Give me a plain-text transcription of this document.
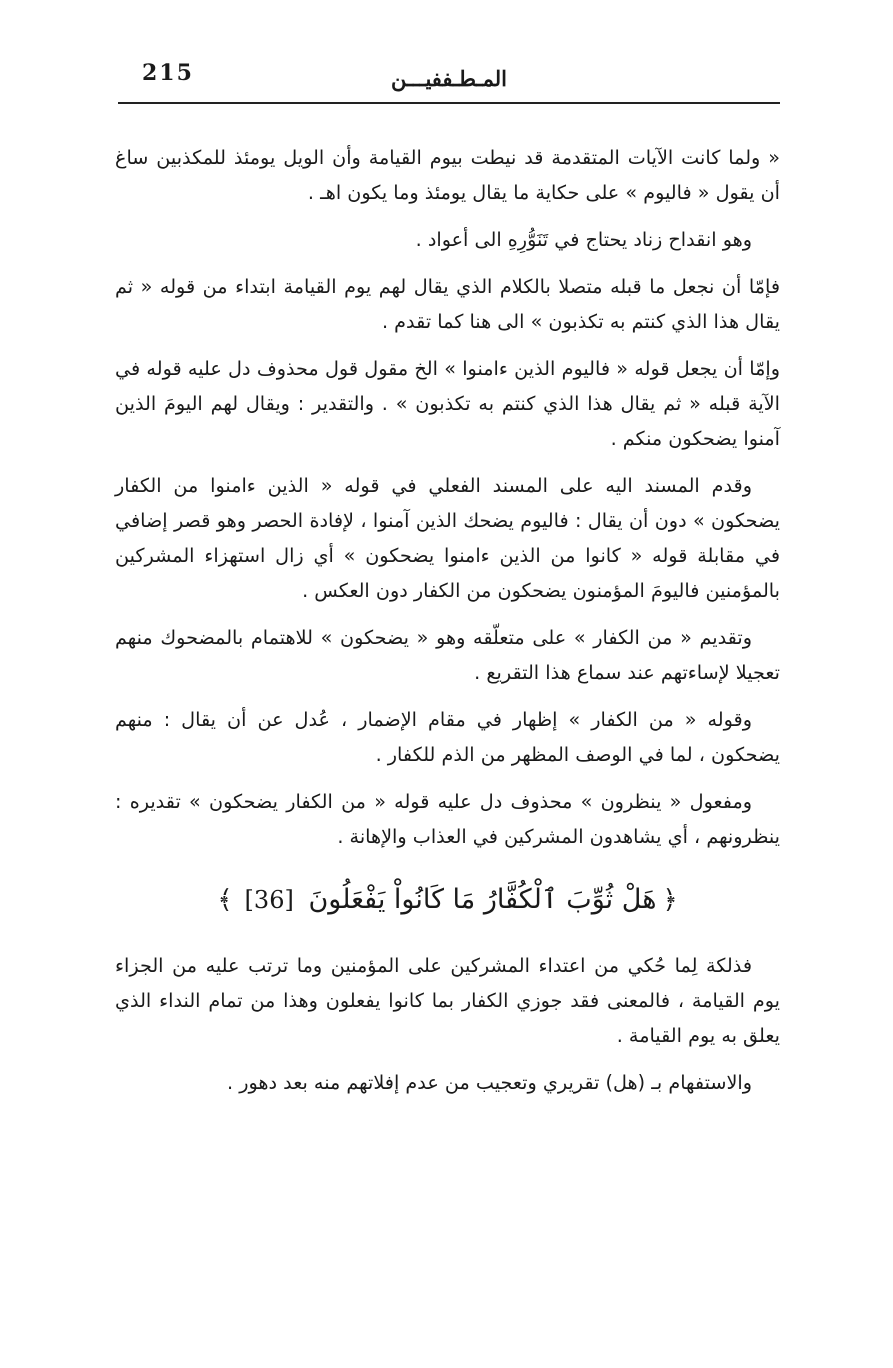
215	المـطـففيـــن

« ولما كانت الآيات المتقدمة قد نيطت بيوم القيامة وأن الويل يومئذ للمكذبين ساغ أن يقول « فاليوم » على حكاية ما يقال يومئذ وما يكون اهـ .

وهو انقداح زناد يحتاج في تَنَوُّرِهِ الى أعواد .

فإمّا أن نجعل ما قبله متصلا بالكلام الذي يقال لهم يوم القيامة ابتداء من قوله « ثم يقال هذا الذي كنتم به تكذبون » الى هنا كما تقدم .

وإمّا أن يجعل قوله « فاليوم الذين ءامنوا » الخ مقول قول محذوف دل عليه قوله في الآية قبله « ثم يقال هذا الذي كنتم به تكذبون » . والتقدير : ويقال لهم اليومَ الذين آمنوا يضحكون منكم .

وقدم المسند اليه على المسند الفعلي في قوله « الذين ءامنوا من الكفار يضحكون » دون أن يقال : فاليوم يضحك الذين آمنوا ، لإفادة الحصر وهو قصر إضافي في مقابلة قوله « كانوا من الذين ءامنوا يضحكون » أي زال استهزاء المشركين بالمؤمنين فاليومَ المؤمنون يضحكون من الكفار دون العكس .

وتقديم « من الكفار » على متعلّقه وهو « يضحكون » للاهتمام بالمضحوك منهم تعجيلا لإساءتهم عند سماع هذا التقريع .

وقوله « من الكفار » إظهار في مقام الإضمار ، عُدل عن أن يقال : منهم يضحكون ، لما في الوصف المظهر من الذم للكفار .

ومفعول « ينظرون » محذوف دل عليه قوله « من الكفار يضحكون » تقديره : ينظرونهم ، أي يشاهدون المشركين في العذاب والإهانة .

﴿هَلْ ثُوِّبَ ٱلْكُفَّارُ مَا كَانُواْ يَفْعَلُونَ [36]﴾

فذلكة لِما حُكي من اعتداء المشركين على المؤمنين وما ترتب عليه من الجزاء يوم القيامة ، فالمعنى فقد جوزي الكفار بما كانوا يفعلون وهذا من تمام النداء الذي يعلق به يوم القيامة .

والاستفهام بـ (هل) تقريري وتعجيب من عدم إفلاتهم منه بعد دهور .
